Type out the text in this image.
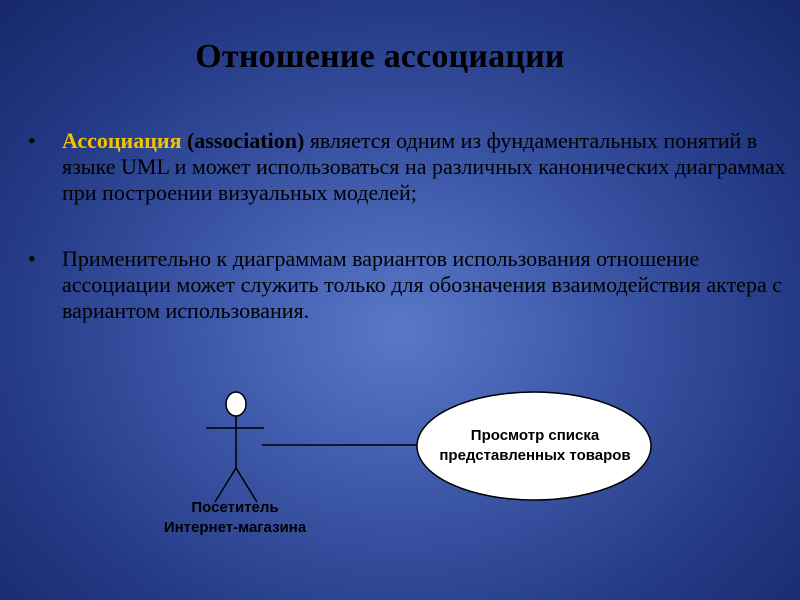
Отношение ассоциации
• Ассоциация (association) является одним из фундаментальных понятий в языке UML и может использоваться на различных канонических диаграммах при построении визуальных моделей;
• Применительно к диаграммам вариантов использования отношение ассоциации может служить только для обозначения взаимодействия актера с вариантом использования.
Посетитель
Интернет-магазина
Просмотр списка
представленных товаров
